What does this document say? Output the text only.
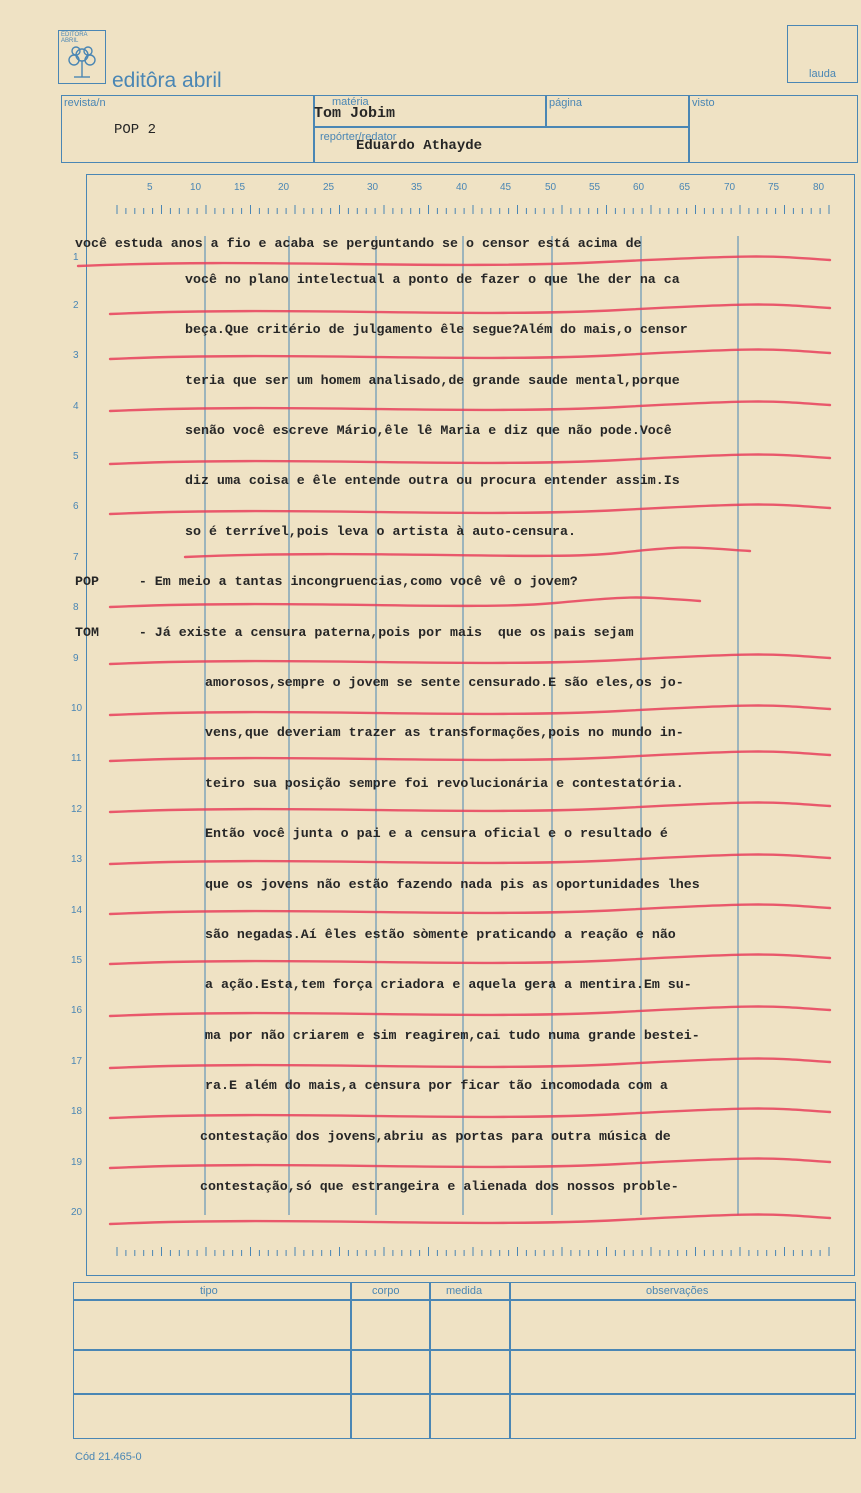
EDITORA ABRIL
editôra abril	lauda
revista/n
POP 2
matéria
Tom Jobim
página	visto
repórter/redator
Eduardo Athayde
5	10	15	20	25	30	35	40	45	50	55	60	65	70	75	80
1
2
3
4
5
6
7
8
9
10
11
12
13
14
15
16
17
18
19
20
você estuda anos a fio e acaba se perguntando se o censor está acima de
você no plano intelectual a ponto de fazer o que lhe der na ca
beça.Que critério de julgamento êle segue?Além do mais,o censor
teria que ser um homem analisado,de grande saude mental,porque
senão você escreve Mário,êle lê Maria e diz que não pode.Você
diz uma coisa e êle entende outra ou procura entender assim.Is
so é terrível,pois leva o artista à auto-censura.
POP     - Em meio a tantas incongruencias,como você vê o jovem?
TOM     - Já existe a censura paterna,pois por mais  que os pais sejam
amorosos,sempre o jovem se sente censurado.E são eles,os jo-
vens,que deveriam trazer as transformações,pois no mundo in-
teiro sua posição sempre foi revolucionária e contestatória.
Então você junta o pai e a censura oficial e o resultado é
que os jovens não estão fazendo nada pis as oportunidades lhes
são negadas.Aí êles estão sòmente praticando a reação e não
a ação.Esta,tem força criadora e aquela gera a mentira.Em su-
ma por não criarem e sim reagirem,cai tudo numa grande bestei-
ra.E além do mais,a censura por ficar tão incomodada com a
contestação dos jovens,abriu as portas para outra música de
contestação,só que estrangeira e alienada dos nossos proble-
tipo	corpo	medida	observações
Cód 21.465-0
